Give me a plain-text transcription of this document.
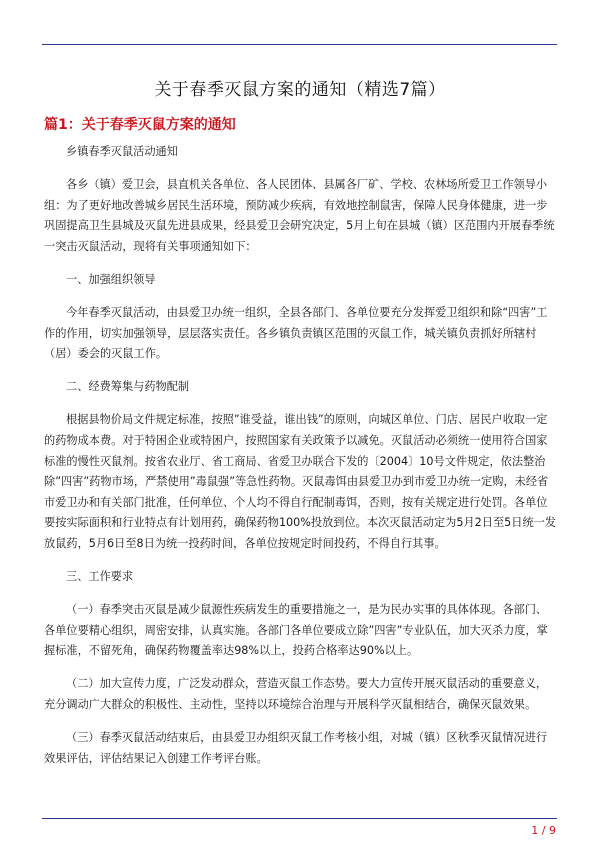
关于春季灭鼠方案的通知（精选7篇）
篇1：关于春季灭鼠方案的通知

乡镇春季灭鼠活动通知

各乡（镇）爱卫会，县直机关各单位、各人民团体、县属各厂矿、学校、农林场所爱卫工作领导小组：为了更好地改善城乡居民生活环境，预防减少疾病，有效地控制鼠害，保障人民身体健康，进一步巩固提高卫生县城及灭鼠先进县成果，经县爱卫会研究决定，5月上旬在县城（镇）区范围内开展春季统一突击灭鼠活动，现将有关事项通知如下：

一、加强组织领导

今年春季灭鼠活动，由县爱卫办统一组织，全县各部门、各单位要充分发挥爱卫组织和除“四害”工作的作用，切实加强领导，层层落实责任。各乡镇负责镇区范围的灭鼠工作，城关镇负责抓好所辖村（居）委会的灭鼠工作。

二、经费筹集与药物配制

根据县物价局文件规定标准，按照”谁受益，谁出钱”的原则，向城区单位、门店、居民户收取一定的药物成本费。对于特困企业或特困户，按照国家有关政策予以减免。灭鼠活动必须统一使用符合国家标准的慢性灭鼠剂。按省农业厅、省工商局、省爱卫办联合下发的〔2004〕10号文件规定，依法整治除”四害”药物市场，严禁使用”毒鼠强”等急性药物。灭鼠毒饵由县爱卫办到市爱卫办统一定购，未经省市爱卫办和有关部门批准，任何单位、个人均不得自行配制毒饵，否则，按有关规定进行处罚。各单位要按实际面积和行业特点有计划用药，确保药物100%投放到位。本次灭鼠活动定为5月2日至5日统一发放鼠药，5月6日至8日为统一投药时间，各单位按规定时间投药，不得自行其事。

三、工作要求

（一）春季突击灭鼠是减少鼠源性疾病发生的重要措施之一，是为民办实事的具体体现。各部门、各单位要精心组织，周密安排，认真实施。各部门各单位要成立除”四害”专业队伍，加大灭杀力度，掌握标准，不留死角，确保药物覆盖率达98%以上，投药合格率达90%以上。

（二）加大宣传力度，广泛发动群众，营造灭鼠工作态势。要大力宣传开展灭鼠活动的重要意义，充分调动广大群众的积极性、主动性，坚持以环境综合治理与开展科学灭鼠相结合，确保灭鼠效果。

（三）春季灭鼠活动结束后，由县爱卫办组织灭鼠工作考核小组，对城（镇）区秋季灭鼠情况进行效果评估，评估结果记入创建工作考评台账。

1 / 9
